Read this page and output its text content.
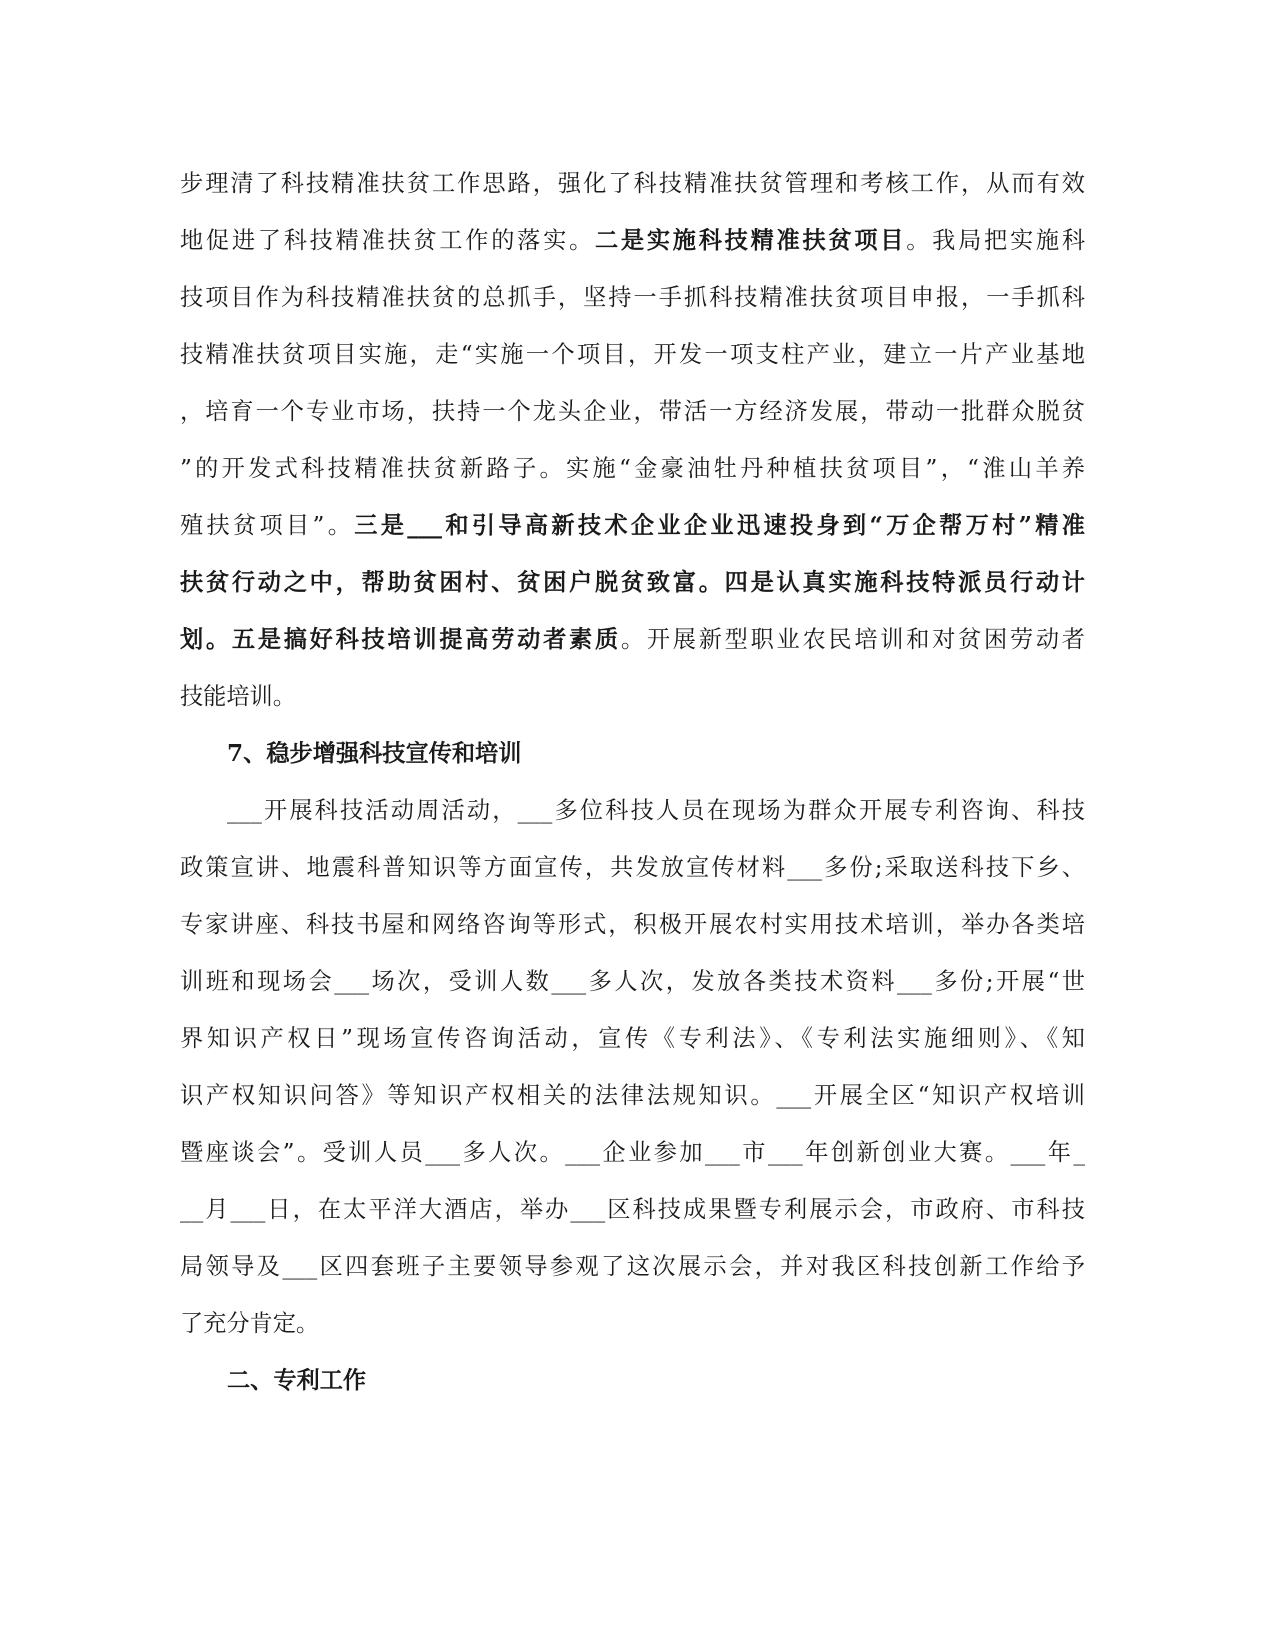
步理清了科技精准扶贫工作思路，强化了科技精准扶贫管理和考核工作，从而有效
地促进了科技精准扶贫工作的落实。二是实施科技精准扶贫项目。我局把实施科
技项目作为科技精准扶贫的总抓手，坚持一手抓科技精准扶贫项目申报，一手抓科
技精准扶贫项目实施，走“实施一个项目，开发一项支柱产业，建立一片产业基地
，培育一个专业市场，扶持一个龙头企业，带活一方经济发展，带动一批群众脱贫
”的开发式科技精准扶贫新路子。实施“金豪油牡丹种植扶贫项目”，“淮山羊养
殖扶贫项目”。三是___和引导高新技术企业企业迅速投身到“万企帮万村”精准
扶贫行动之中，帮助贫困村、贫困户脱贫致富。四是认真实施科技特派员行动计
划。五是搞好科技培训提高劳动者素质。开展新型职业农民培训和对贫困劳动者
技能培训。
7、稳步增强科技宣传和培训
___开展科技活动周活动，___多位科技人员在现场为群众开展专利咨询、科技
政策宣讲、地震科普知识等方面宣传，共发放宣传材料___多份;采取送科技下乡、
专家讲座、科技书屋和网络咨询等形式，积极开展农村实用技术培训，举办各类培
训班和现场会___场次，受训人数___多人次，发放各类技术资料___多份;开展“世
界知识产权日”现场宣传咨询活动，宣传《专利法》、《专利法实施细则》、《知
识产权知识问答》等知识产权相关的法律法规知识。___开展全区“知识产权培训
暨座谈会”。受训人员___多人次。___企业参加___市___年创新创业大赛。___年_
__月___日，在太平洋大酒店，举办___区科技成果暨专利展示会，市政府、市科技
局领导及___区四套班子主要领导参观了这次展示会，并对我区科技创新工作给予
了充分肯定。
二、专利工作
